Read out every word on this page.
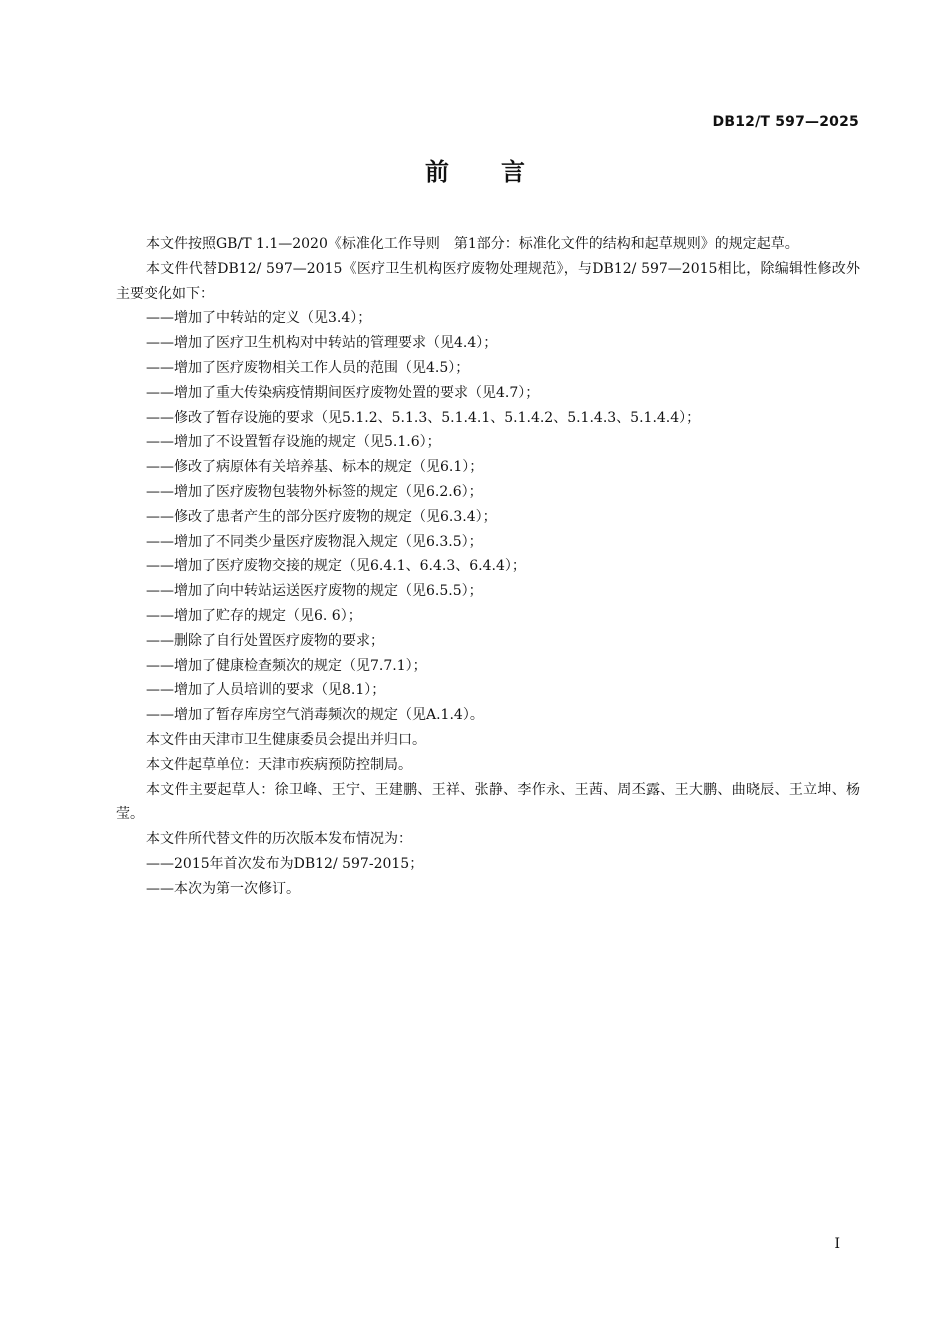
DB12/T 597—2025
前言

本文件按照GB/T 1.1—2020《标准化工作导则　第1部分：标准化文件的结构和起草规则》的规定起草。

本文件代替DB12/ 597—2015《医疗卫生机构医疗废物处理规范》，与DB12/ 597—2015相比，除编辑性修改外主要变化如下：

——增加了中转站的定义（见3.4）；

——增加了医疗卫生机构对中转站的管理要求（见4.4）；

——增加了医疗废物相关工作人员的范围（见4.5）；

——增加了重大传染病疫情期间医疗废物处置的要求（见4.7）；

——修改了暂存设施的要求（见5.1.2、5.1.3、5.1.4.1、5.1.4.2、5.1.4.3、5.1.4.4）；

——增加了不设置暂存设施的规定（见5.1.6）；

——修改了病原体有关培养基、标本的规定（见6.1）；

——增加了医疗废物包装物外标签的规定（见6.2.6）；

——修改了患者产生的部分医疗废物的规定（见6.3.4）；

——增加了不同类少量医疗废物混入规定（见6.3.5）；

——增加了医疗废物交接的规定（见6.4.1、6.4.3、6.4.4）；

——增加了向中转站运送医疗废物的规定（见6.5.5）；

——增加了贮存的规定（见6. 6）；

——删除了自行处置医疗废物的要求；

——增加了健康检查频次的规定（见7.7.1）；

——增加了人员培训的要求（见8.1）；

——增加了暂存库房空气消毒频次的规定（见A.1.4）。

本文件由天津市卫生健康委员会提出并归口。

本文件起草单位：天津市疾病预防控制局。

本文件主要起草人：徐卫峰、王宁、王建鹏、王祥、张静、李作永、王茜、周丕露、王大鹏、曲晓辰、王立坤、杨莹。

本文件所代替文件的历次版本发布情况为：

——2015年首次发布为DB12/ 597-2015；

——本次为第一次修订。

I
